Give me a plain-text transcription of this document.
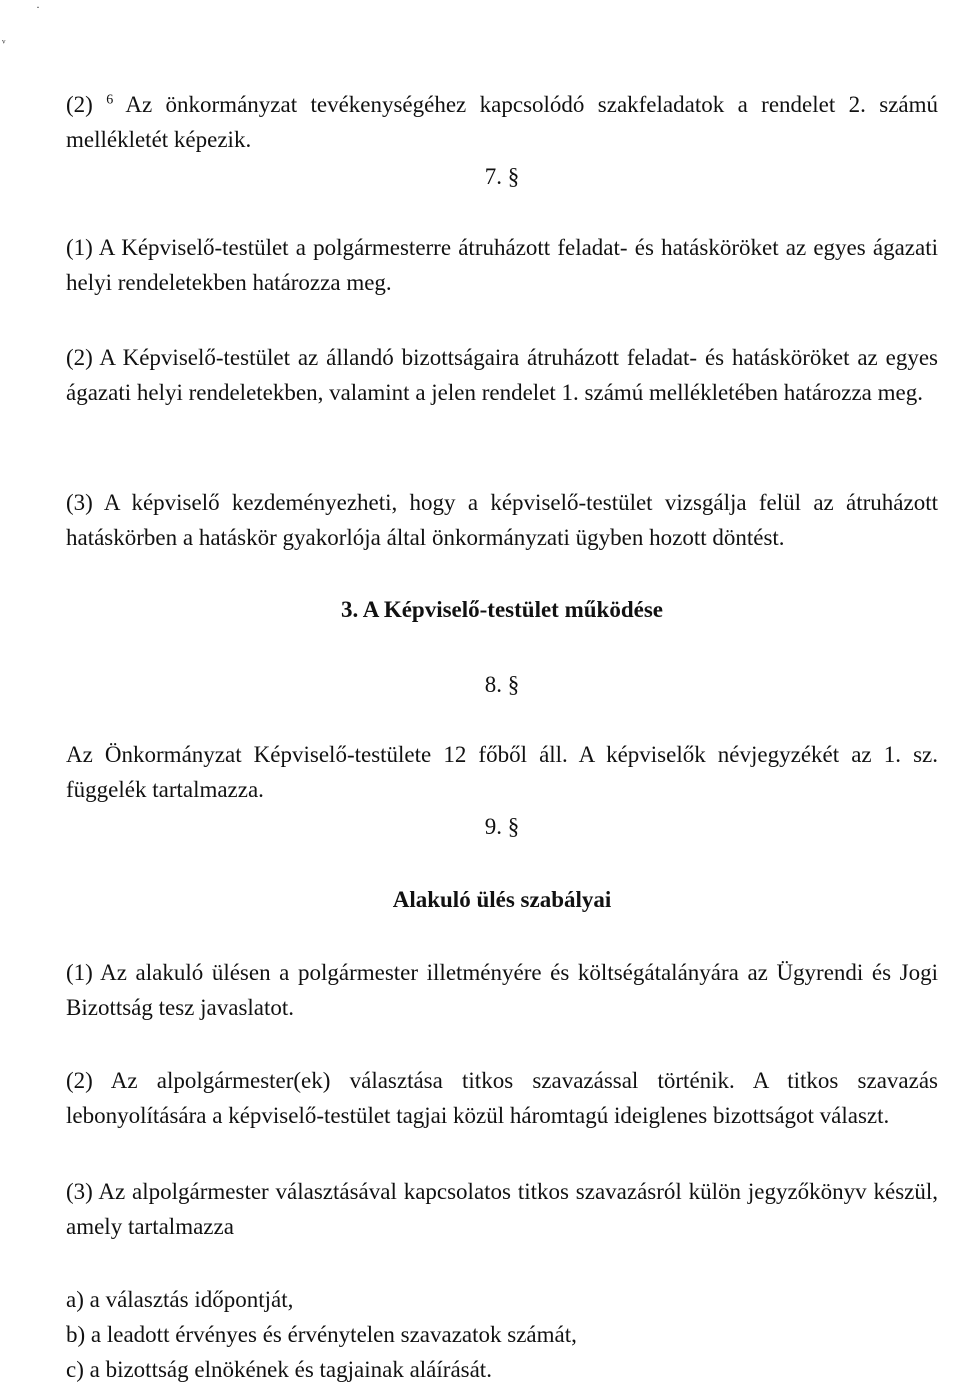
·
ᵛ

(2) $^6$ Az önkormányzat tevékenységéhez kapcsolódó szakfeladatok a rendelet 2. számú mellékletét képezik.

7. §

(1) A Képviselő-testület a polgármesterre átruházott feladat- és hatásköröket az egyes ágazati helyi rendeletekben határozza meg.

(2) A Képviselő-testület az állandó bizottságaira átruházott feladat- és hatásköröket az egyes ágazati helyi rendeletekben, valamint a jelen rendelet 1. számú mellékletében határozza meg.

(3) A képviselő kezdeményezheti, hogy a képviselő-testület vizsgálja felül az átruházott hatáskörben a hatáskör gyakorlója által önkormányzati ügyben hozott döntést.

3. A Képviselő-testület működése

8. §

Az Önkormányzat Képviselő-testülete 12 főből áll. A képviselők névjegyzékét az 1. sz. függelék tartalmazza.

9. §

Alakuló ülés szabályai

(1) Az alakuló ülésen a polgármester illetményére és költségátalányára az Ügyrendi és Jogi Bizottság tesz javaslatot.

(2) Az alpolgármester(ek) választása titkos szavazással történik. A titkos szavazás lebonyolítására a képviselő-testület tagjai közül háromtagú ideiglenes bizottságot választ.

(3) Az alpolgármester választásával kapcsolatos titkos szavazásról külön jegyzőkönyv készül, amely tartalmazza

a) a választás időpontját,

b) a leadott érvényes és érvénytelen szavazatok számát,

c) a bizottság elnökének és tagjainak aláírását.
